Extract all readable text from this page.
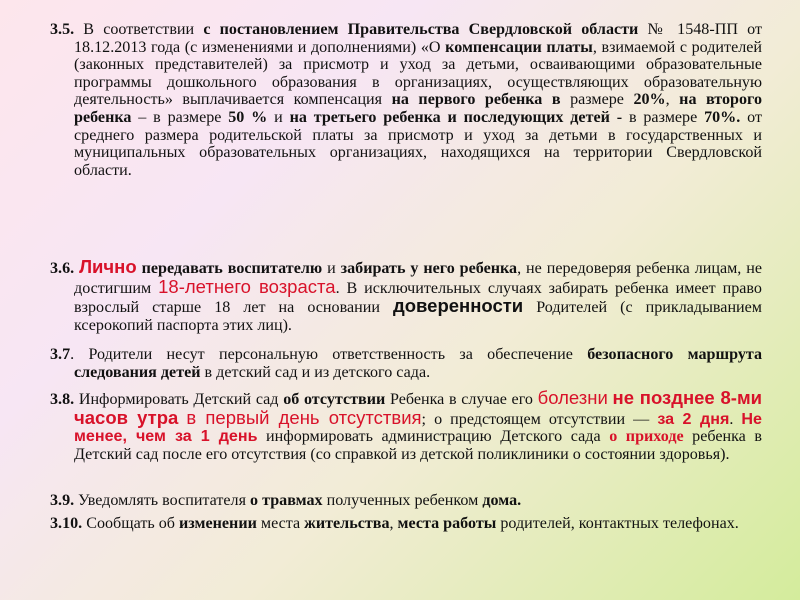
3.5. В соответствии с постановлением Правительства Свердловской области № 1548-ПП от 18.12.2013 года (с изменениями и дополнениями) «О компенсации платы, взимаемой с родителей (законных представителей) за присмотр и уход за детьми, осваивающими образовательные программы дошкольного образования в организациях, осуществляющих образовательную деятельность» выплачивается компенсация на первого ребенка в размере 20%, на второго ребенка – в размере 50 % и на третьего ребенка и последующих детей - в размере 70%. от среднего размера родительской платы за присмотр и уход за детьми в государственных и муниципальных образовательных организациях, находящихся на территории Свердловской области.

3.6. Лично передавать воспитателю и забирать у него ребенка, не передоверяя ребенка лицам, не достигшим 18-летнего возраста. В исключительных случаях забирать ребенка имеет право взрослый старше 18 лет на основании доверенности Родителей (с прикладыванием ксерокопий паспорта этих лиц).

3.7. Родители несут персональную ответственность за обеспечение безопасного маршрута следования детей в детский сад и из детского сада.

3.8. Информировать Детский сад об отсутствии Ребенка в случае его болезни не позднее 8-ми часов утра в первый день отсутствия; о предстоящем отсутствии — за 2 дня. Не менее, чем за 1 день информировать администрацию Детского сада о приходе ребенка в Детский сад после его отсутствия (со справкой из детской поликлиники о состоянии здоровья).

3.9. Уведомлять воспитателя о травмах полученных ребенком дома.

3.10. Сообщать об изменении места жительства, места работы родителей, контактных телефонах.
